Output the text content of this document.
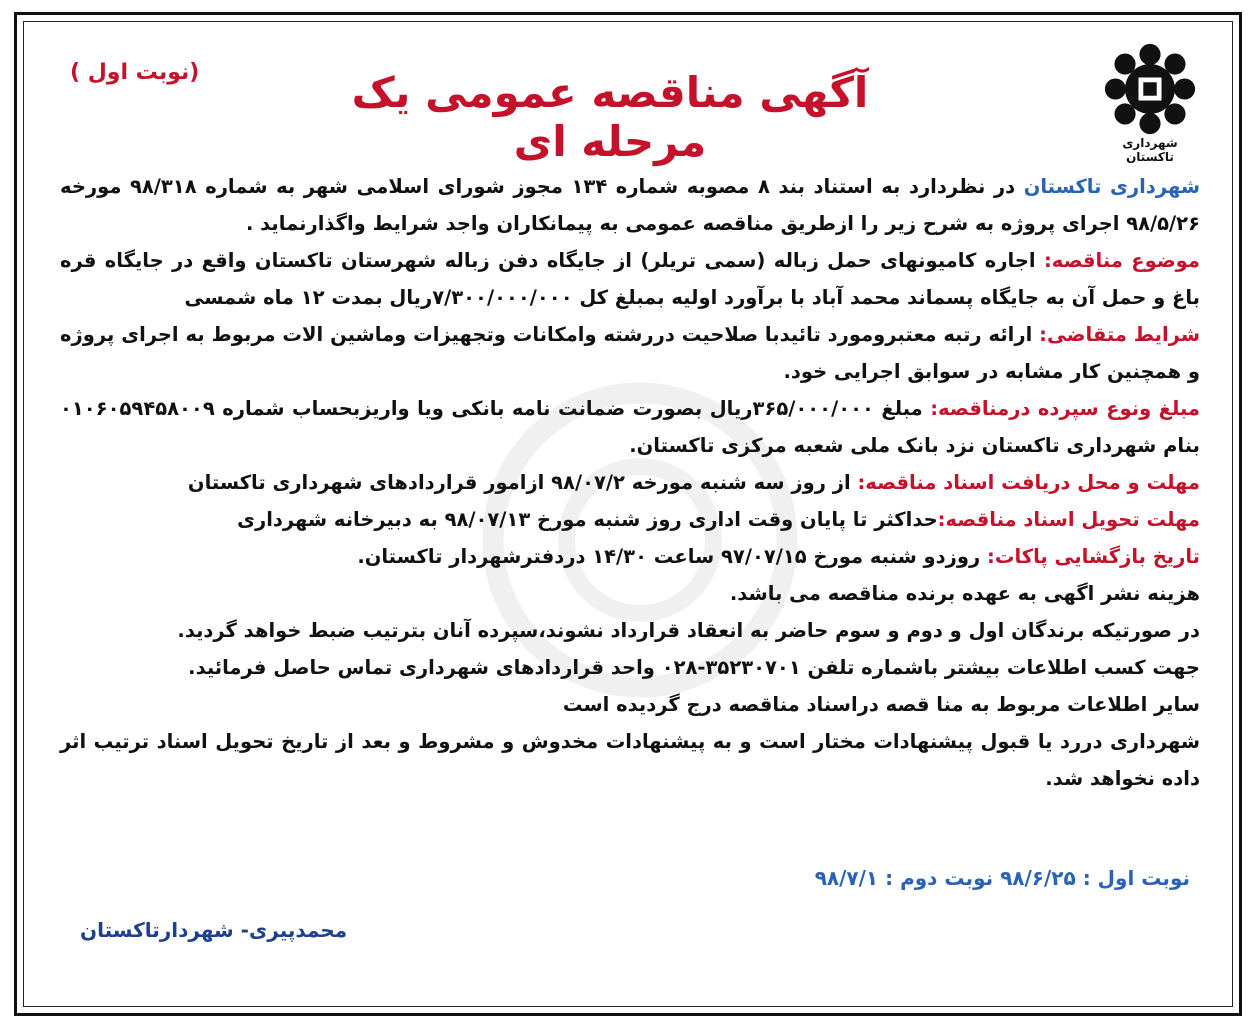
شهرداری تاکستان
(نوبت اول )	آگهی مناقصه عمومی یک مرحله ای

شهرداری تاکستان در نظردارد به استناد بند ۸ مصوبه شماره ۱۳۴ مجوز شورای اسلامی شهر به شماره ۹۸/۳۱۸ مورخه ۹۸/۵/۲۶ اجرای پروژه به شرح زیر را ازطریق مناقصه عمومی به پیمانکاران واجد شرایط واگذارنماید .

موضوع مناقصه: اجاره کامیونهای حمل زباله (سمی تریلر) از جایگاه دفن زباله شهرستان تاکستان واقع در جایگاه قره باغ و حمل آن به جایگاه پسماند محمد آباد با برآورد اولیه بمبلغ کل ۷/۳۰۰/۰۰۰/۰۰۰ریال بمدت ۱۲ ماه شمسی

شرایط متقاضی: ارائه رتبه معتبرومورد تائیدبا صلاحیت دررشته وامکانات وتجهیزات وماشین الات مربوط به اجرای پروژه و همچنین کار مشابه در سوابق اجرایی خود.

مبلغ ونوع سپرده درمناقصه: مبلغ ۳۶۵/۰۰۰/۰۰۰ریال بصورت ضمانت نامه بانکی ویا واریزبحساب شماره ۰۱۰۶۰۵۹۴۵۸۰۰۹ بنام شهرداری تاکستان نزد بانک ملی شعبه مرکزی تاکستان.

مهلت و محل دریافت اسناد مناقصه: از روز سه شنبه مورخه ۹۸/۰۷/۲ ازامور قراردادهای شهرداری تاکستان

مهلت تحویل اسناد مناقصه:حداکثر تا پایان وقت اداری روز شنبه مورخ ۹۸/۰۷/۱۳ به دبیرخانه شهرداری

تاریخ بازگشایی پاکات: روزدو شنبه مورخ ۹۷/۰۷/۱۵ ساعت ۱۴/۳۰ دردفترشهردار تاکستان.

هزینه نشر اگهی به عهده برنده مناقصه می باشد.

در صورتیکه برندگان اول و دوم و سوم حاضر به انعقاد قرارداد نشوند،سپرده آنان بترتیب ضبط خواهد گردید.

جهت کسب اطلاعات بیشتر باشماره تلفن ۳۵۲۳۰۷۰۱-۰۲۸ واحد قراردادهای شهرداری تماس حاصل فرمائید.

سایر اطلاعات مربوط به منا قصه دراسناد مناقصه درج گردیده است

شهرداری دررد یا قبول پیشنهادات مختار است و به پیشنهادات مخدوش و مشروط و بعد از تاریخ تحویل اسناد ترتیب اثر داده نخواهد شد.

نوبت اول : ۹۸/۶/۲۵ نوبت دوم : ۹۸/۷/۱
محمدپیری- شهردارتاکستان
